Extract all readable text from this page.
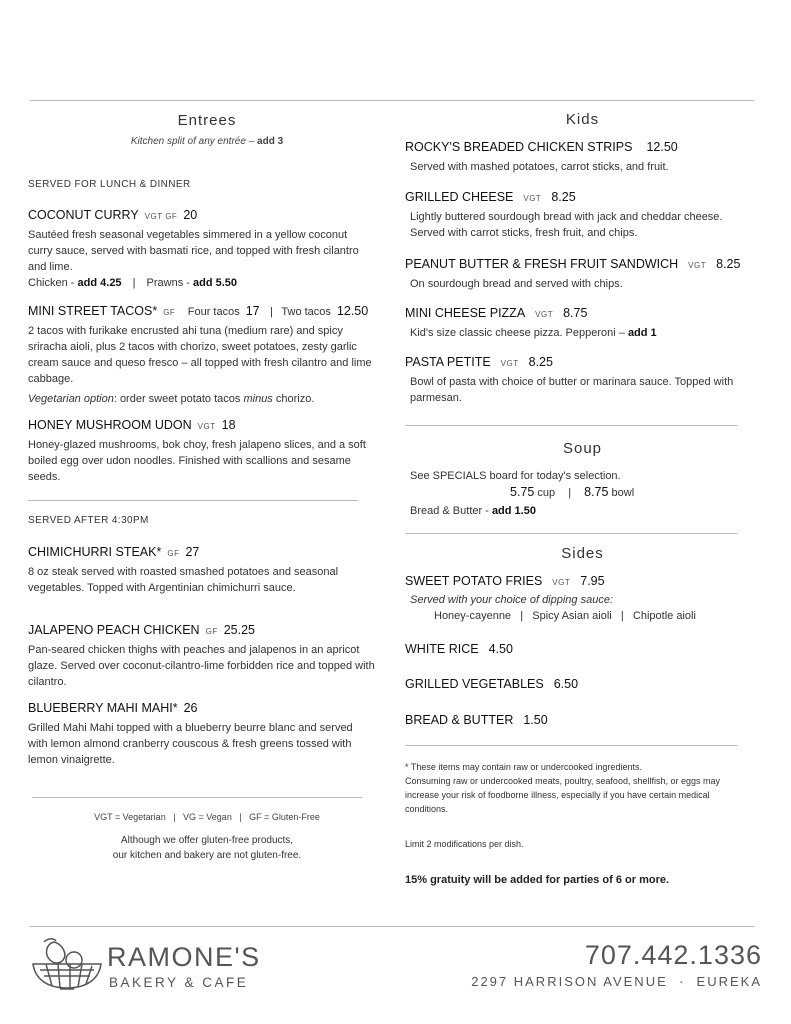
Entrees
Kitchen split of any entrée – add 3
SERVED FOR LUNCH & DINNER
COCONUT CURRY VGT GF 20
Sautéed fresh seasonal vegetables simmered in a yellow coconut curry sauce, served with basmati rice, and topped with fresh cilantro and lime.
Chicken - add 4.25 | Prawns - add 5.50
MINI STREET TACOS* GF Four tacos 17 | Two tacos 12.50
2 tacos with furikake encrusted ahi tuna (medium rare) and spicy sriracha aioli, plus 2 tacos with chorizo, sweet potatoes, zesty garlic cream sauce and queso fresco – all topped with fresh cilantro and lime cabbage.
Vegetarian option: order sweet potato tacos minus chorizo.
HONEY MUSHROOM UDON VGT 18
Honey-glazed mushrooms, bok choy, fresh jalapeno slices, and a soft boiled egg over udon noodles. Finished with scallions and sesame seeds.
SERVED AFTER 4:30PM
CHIMICHURRI STEAK* GF 27
8 oz steak served with roasted smashed potatoes and seasonal vegetables. Topped with Argentinian chimichurri sauce.
JALAPENO PEACH CHICKEN GF 25.25
Pan-seared chicken thighs with peaches and jalapenos in an apricot glaze. Served over coconut-cilantro-lime forbidden rice and topped with cilantro.
BLUEBERRY MAHI MAHI* 26
Grilled Mahi Mahi topped with a blueberry beurre blanc and served with lemon almond cranberry couscous & fresh greens tossed with lemon vinaigrette.
VGT = Vegetarian   |   VG = Vegan   |   GF = Gluten-Free
Although we offer gluten-free products,
our kitchen and bakery are not gluten-free.
Kids
ROCKY'S BREADED CHICKEN STRIPS 12.50
Served with mashed potatoes, carrot sticks, and fruit.
GRILLED CHEESE VGT 8.25
Lightly buttered sourdough bread with jack and cheddar cheese. Served with carrot sticks, fresh fruit, and chips.
PEANUT BUTTER & FRESH FRUIT SANDWICH VGT 8.25
On sourdough bread and served with chips.
MINI CHEESE PIZZA VGT 8.75
Kid's size classic cheese pizza. Pepperoni – add 1
PASTA PETITE VGT 8.25
Bowl of pasta with choice of butter or marinara sauce. Topped with parmesan.
Soup
See SPECIALS board for today's selection.
5.75 cup | 8.75 bowl
Bread & Butter - add 1.50
Sides
SWEET POTATO FRIES VGT 7.95
Served with your choice of dipping sauce:
Honey-cayenne   |   Spicy Asian aioli   |   Chipotle aioli
WHITE RICE 4.50
GRILLED VEGETABLES 6.50
BREAD & BUTTER 1.50
* These items may contain raw or undercooked ingredients.
Consuming raw or undercooked meats, poultry, seafood, shellfish, or eggs may increase your risk of foodborne illness, especially if you have certain medical conditions.
Limit 2 modifications per dish.
15% gratuity will be added for parties of 6 or more.
RAMONE'S
BAKERY & CAFE
707.442.1336
2297 HARRISON AVENUE  ·  EUREKA
